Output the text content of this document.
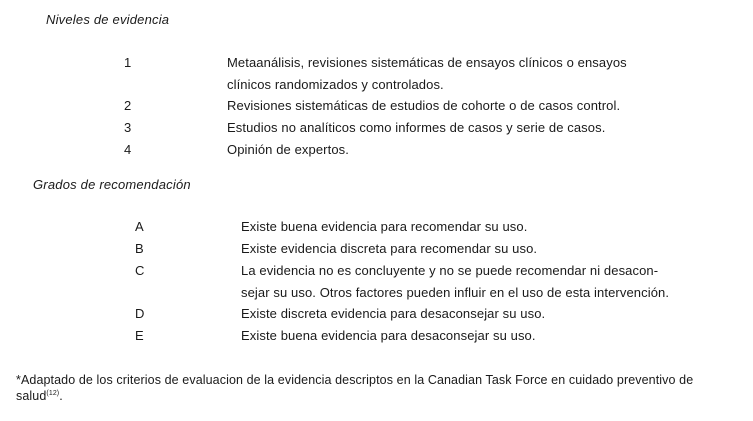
Niveles de evidencia
1	Metaanálisis, revisiones sistemáticas de ensayos clínicos o ensayos
clínicos randomizados y controlados.
2	Revisiones sistemáticas de estudios de cohorte o de casos control.
3	Estudios no analíticos como informes de casos y serie de casos.
4	Opinión de expertos.
Grados de recomendación
A	Existe buena evidencia para recomendar su uso.
B	Existe evidencia discreta para recomendar su uso.
C	La evidencia no es concluyente y no se puede recomendar ni desacon-
sejar su uso. Otros factores pueden influir en el uso de esta intervención.
D	Existe discreta evidencia para desaconsejar su uso.
E	Existe buena evidencia para desaconsejar su uso.
*Adaptado de los criterios de evaluacion de la evidencia descriptos en la Canadian Task Force en cuidado preventivo de salud$^{(12)}$.
